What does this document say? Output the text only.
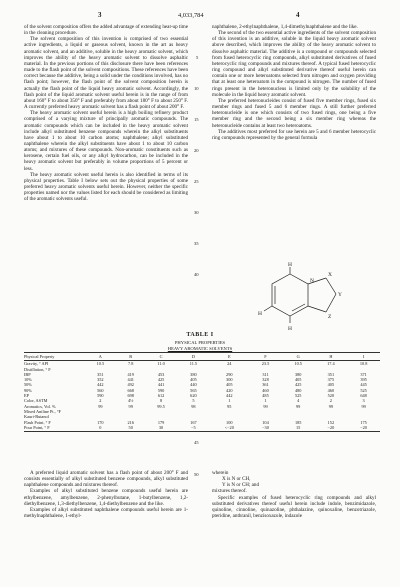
3	4,033,784	4
5
10
15
20
25
30
35
40
45
50

of the solvent composition offers the added advantage of extending heat-up time in the cleaning procedure.

The solvent composition of this invention is comprised of two essential active ingredients, a liquid or gaseous solvent, known in the art as heavy aromatic solvent, and an additive, soluble in the heavy aromatic solvent, which improves the ability of the heavy aromatic solvent to dissolve asphaltic material. In the previous portions of this disclosure there have been references made to the flash point of the solvent compositions. These references have been correct because the additive, being a solid under the conditions involved, has no flash point; however, the flash point of the solvent composition herein is actually the flash point of the liquid heavy aromatic solvent. Accordingly, the flash point of the liquid aromatic solvent useful herein is in the range of from about 160° F to about 350° F and preferably from about 180° F to about 250° F. A currently preferred heavy aromatic solvent has a flash point of about 200° F.

The heavy aromatic solvent useful herein is a high boiling refinery product comprised of a varying mixture of principally aromatic compounds. The aromatic compounds which can be included in the heavy aromatic solvent include alkyl substituted benzene compounds wherein the alkyl substituents have about 1 to about 10 carbon atoms; naphthalene; alkyl substituted naphthalene wherein the alkyl substituents have about 1 to about 10 carbon atoms; and mixtures of these compounds. Non-aromatic constituents such as kerosene, certain fuel oils, or any alkyl hydrocarbon, can be included in the heavy aromatic solvent but preferably in volume proportions of 5 percent or less.

The heavy aromatic solvent useful herein is also identified in terms of its physical properties. Table I below sets out the physical properties of some preferred heavy aromatic solvents useful herein. However, neither the specific properties named nor the values listed for each should be considered as limiting of the aromatic solvents useful.

naphthalene, 2-ethylnaphthalene, 1,4-dimethylnaphthalene and the like.

The second of the two essential active ingredients of the solvent composition of this invention is an additive, soluble in the liquid heavy aromatic solvent above described, which improves the ability of the heavy aromatic solvent to dissolve asphaltic material. The additive is a compound or compounds selected from fused heterocyclic ring compounds, alkyl substituted derivatives of fused heterocyclic ring compounds and mixtures thereof. A typical fused heterocyclic ring compound and alkyl substituted derivative thereof useful herein can contain one or more heteroatoms selected from nitrogen and oxygen providing that at least one heteroatom in the compound is nitrogen. The number of fused rings present in the heteronucleus is limited only by the solubility of the molecule in the liquid heavy aromatic solvent.

The preferred heteronucleides consist of fused five member rings, fused six member rings and fused 5 and 6 member rings. A still further preferred heteronucleide is one which consists of two fused rings, one being a five member ring and the second being a six member ring whereas the heteronucleide contains at least two heteroatoms.

The additives most preferred for use herein are 5 and 6 member heterocyclic ring compounds represented by the general formula

X
Y
Z
N
H
H
H
TABLE I
PHYSICAL PROPERTIES
HEAVY AROMATIC SOLVENTS
Physical Property	A	B	C	D	E	F	G	H	I
Gravity, ° API	10.5	7.8	11.0	11.5	24	23.5	10.5	17.4	10.8
Distillation, ° F									
IBP	351	419	453	380	290	311	380	351	371
10%	352	441	425	405	300	328	405	375	395
50%	442	492	441	440	405	361	425	405	445
90%	560	668	590	565	420	460	480	460	525
EP	590	698	612	620	442	485	525	520	648
Color, ASTM	2	4½	8	5	1	1	4	2	3
Aromatics, Vol. %	99	99	99.5	98	95	99	99	99	99
Mixed Aniline Pt., °F									
Kauri-Butanol									
Flash Point, ° F	170	216	179	167	100	104	185	152	175
Pour Point, ° F	0	50	30	−5	<−20	−30	15	−20	−20

A preferred liquid aromatic solvent has a flash point of about 200° F and consists essentially of alkyl substituted benzene compounds, alkyl substituted naphthalene compounds and mixtures thereof.

Examples of alkyl substituted benzene compounds useful herein are ethylbenzene, amylbenzene, 2-phenylbutane, 1-butylbenzene, 1,2-diethylbenzene, 1,3-diethylbenzene, 1,4-diethylbenzene and the like.

Examples of alkyl substituted naphthalene compounds useful herein are 1-methylnaphthalene, 1-ethyl-

wherein

X is N or CH,

Y is N or CH; and

mixtures thereof.

Specific examples of fused heterocyclic ring compounds and alkyl substituted derivatives thereof useful herein include indole, benzimidazole, quinoline, cinnoline, quinazoline, phthalazine, quinoxaline, benzotriazole, pteridine, anthranil, benzisoxazole, indazole
